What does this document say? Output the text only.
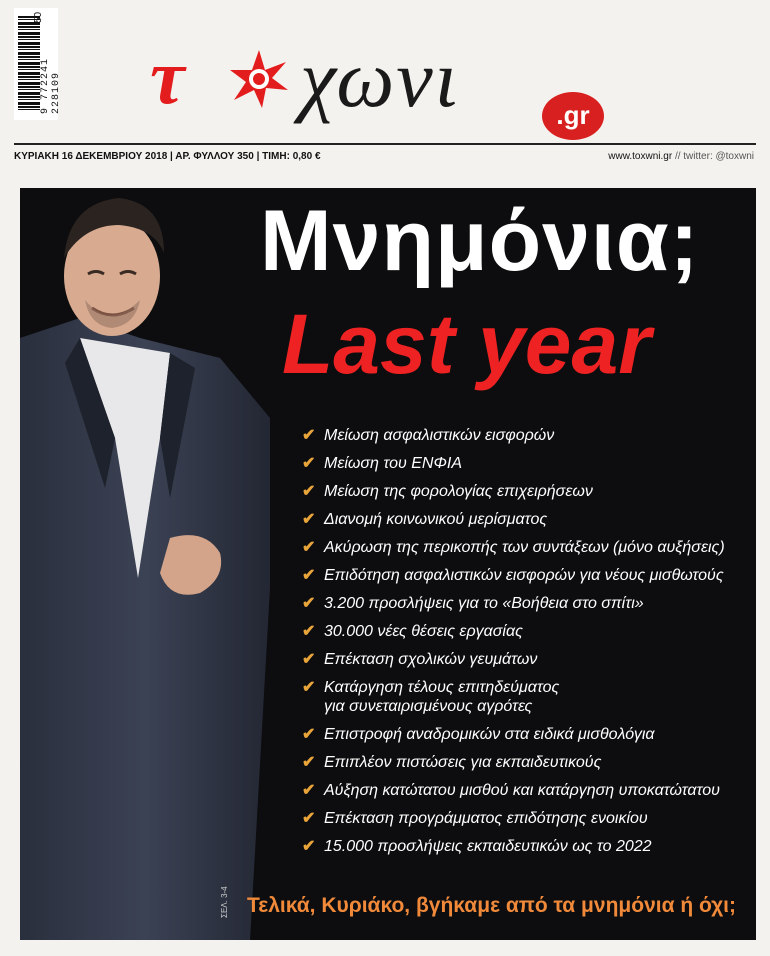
50
9 772241 228109 τ χωνι	.gr
ΚΥΡΙΑΚΗ 16 ΔΕΚΕΜΒΡΙΟΥ 2018 | ΑΡ. ΦΥΛΛΟΥ 350 | ΤΙΜΗ: 0,80 €	www.toxwni.gr // twitter: @toxwni
Μνημόνια;
Last year
✔ Μείωση ασφαλιστικών εισφορών
✔ Μείωση του ΕΝΦΙΑ
✔ Μείωση της φορολογίας επιχειρήσεων
✔ Διανομή κοινωνικού μερίσματος
✔ Ακύρωση της περικοπής των συντάξεων (μόνο αυξήσεις)
✔ Επιδότηση ασφαλιστικών εισφορών για νέους μισθωτούς
✔ 3.200 προσλήψεις για το «Βοήθεια στο σπίτι»
✔ 30.000 νέες θέσεις εργασίας
✔ Επέκταση σχολικών γευμάτων
✔ Κατάργηση τέλους επιτηδεύματος
για συνεταιρισμένους αγρότες
✔ Επιστροφή αναδρομικών στα ειδικά μισθολόγια
✔ Επιπλέον πιστώσεις για εκπαιδευτικούς
✔ Αύξηση κατώτατου μισθού και κατάργηση υποκατώτατου
✔ Επέκταση προγράμματος επιδότησης ενοικίου
✔ 15.000 προσλήψεις εκπαιδευτικών ως το 2022
ΣΕΛ. 3-4 Τελικά, Κυριάκο, βγήκαμε από τα μνημόνια ή όχι;
